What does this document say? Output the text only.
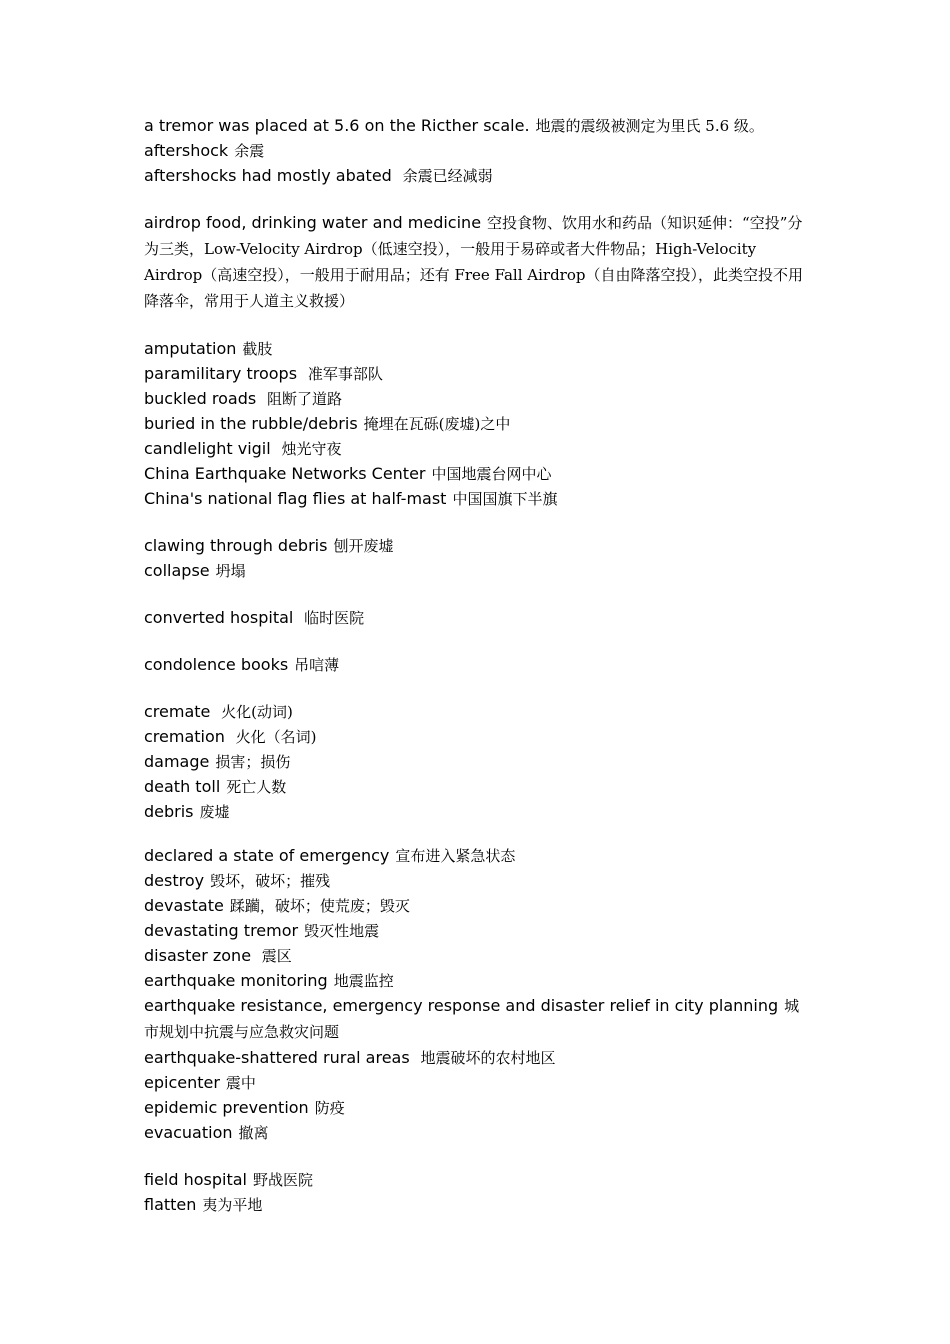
a tremor was placed at 5.6 on the Ricther scale. 地震的震级被测定为里氏 5.6 级。
aftershock 余震
aftershocks had mostly abated 余震已经减弱
airdrop food, drinking water and medicine 空投食物、饮用水和药品（知识延伸：“空投”分为三类，Low-Velocity Airdrop（低速空投），一般用于易碎或者大件物品；High-Velocity Airdrop（高速空投），一般用于耐用品；还有 Free Fall Airdrop（自由降落空投），此类空投不用降落伞，常用于人道主义救援）
amputation 截肢
paramilitary troops 准军事部队
buckled roads 阻断了道路
buried in the rubble/debris 掩埋在瓦砾(废墟)之中
candlelight vigil 烛光守夜
China Earthquake Networks Center 中国地震台网中心
China's national flag flies at half-mast 中国国旗下半旗
clawing through debris 刨开废墟
collapse 坍塌
converted hospital 临时医院
condolence books 吊唁薄
cremate 火化(动词)
cremation 火化（名词)
damage 损害；损伤
death toll 死亡人数
debris 废墟
declared a state of emergency 宣布进入紧急状态
destroy 毁坏，破坏；摧残
devastate 蹂躏，破坏；使荒废；毁灭
devastating tremor 毁灭性地震
disaster zone 震区
earthquake monitoring 地震监控
earthquake resistance, emergency response and disaster relief in city planning 城市规划中抗震与应急救灾问题
earthquake-shattered rural areas 地震破坏的农村地区
epicenter 震中
epidemic prevention 防疫
evacuation 撤离
field hospital 野战医院
flatten 夷为平地
